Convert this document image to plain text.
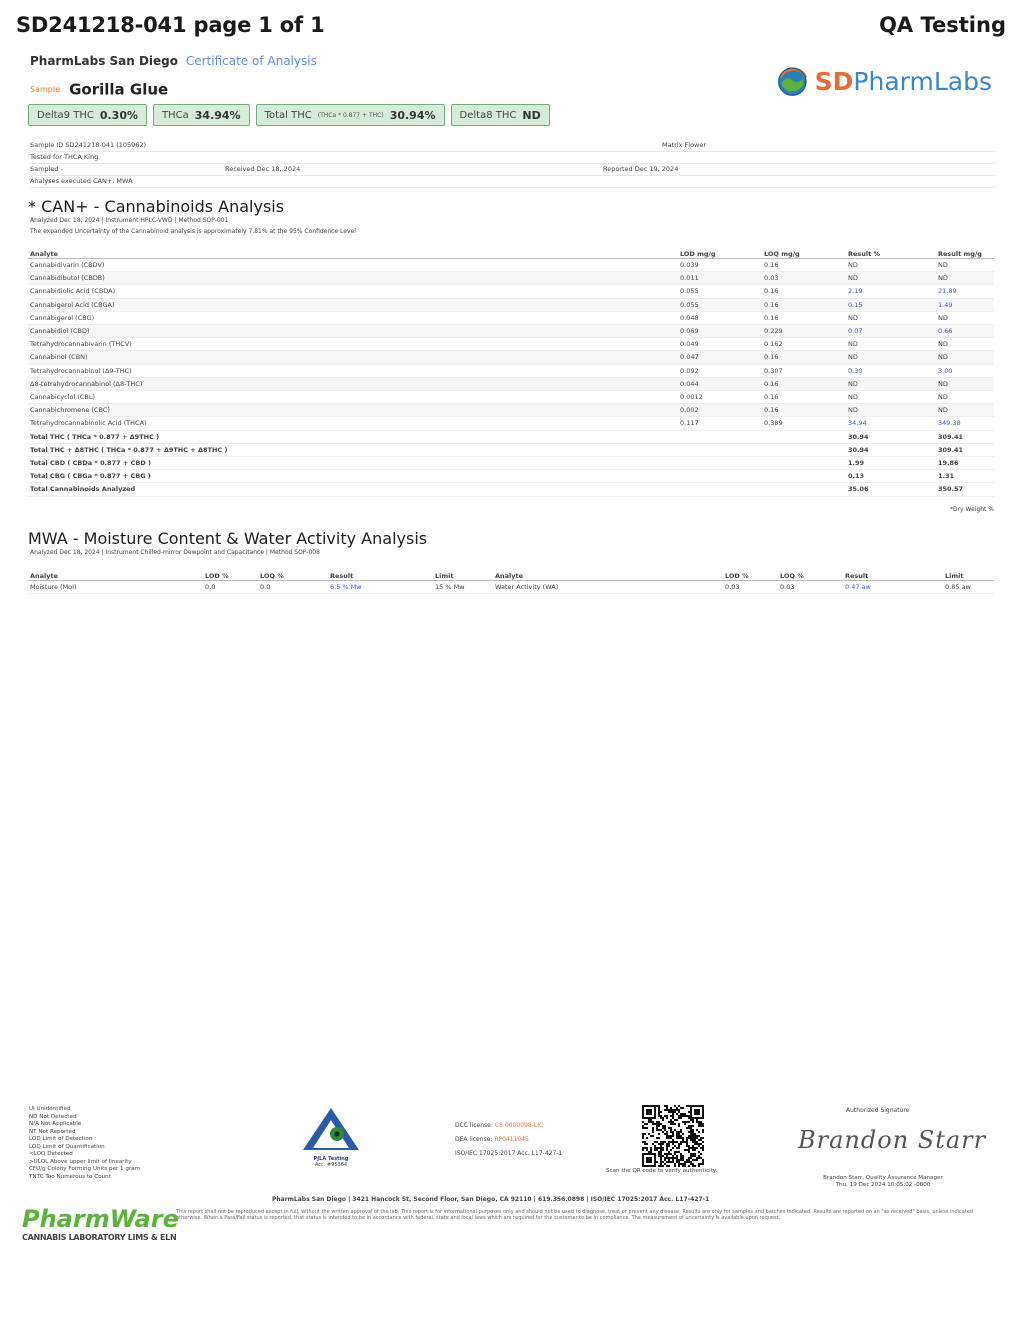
SD241218-041 page 1 of 1	QA Testing
PharmLabs San Diego Certificate of Analysis
Sample Gorilla Glue
Delta9 THC 0.30% THCa 34.94% Total THC (THCa * 0.877 + THC) 30.94% Delta8 THC ND
SDPharmLabs
Sample ID SD241218-041 (105962)	Matrix Flower
Tested for THCA King
Sampled -	Received Dec 18, 2024	Reported Dec 19, 2024
Analyses executed CAN+, MWA
* CAN+ - Cannabinoids Analysis
Analyzed Dec 18, 2024 | Instrument HPLC-VWD | Method SOP-001
The expanded Uncertainty of the Cannabinoid analysis is approximately 7.81% at the 95% Confidence Level
Analyte	LOD mg/g	LOQ mg/g	Result %	Result mg/g
Cannabidivarin (CBDV)	0.039	0.16	ND	ND
Cannabidibutol (CBDB)	0.011	0.03	ND	ND
Cannabidiolic Acid (CBDA)	0.055	0.16	2.19	21.89
Cannabigerol Acid (CBGA)	0.055	0.16	0.15	1.49
Cannabigerol (CBG)	0.048	0.16	ND	ND
Cannabidiol (CBD)	0.069	0.229	0.07	0.66
Tetrahydrocannabivarin (THCV)	0.049	0.162	ND	ND
Cannabinol (CBN)	0.047	0.16	ND	ND
Tetrahydrocannabinol (Δ9-THC)	0.092	0.307	0.30	3.00
Δ8-tetrahydrocannabinol (Δ8-THC)	0.044	0.16	ND	ND
Cannabicyclol (CBL)	0.0012	0.16	ND	ND
Cannabichromene (CBC)	0.002	0.16	ND	ND
Tetrahydrocannabinolic Acid (THCA)	0.117	0.389	34.94	349.38
Total THC ( THCa * 0.877 + Δ9THC )			30.94	309.41
Total THC + Δ8THC ( THCa * 0.877 + Δ9THC + Δ8THC )			30.94	309.41
Total CBD ( CBDa * 0.877 + CBD )			1.99	19.86
Total CBG ( CBGa * 0.877 + CBG )			0.13	1.31
Total Cannabinoids Analyzed			35.06	350.57
*Dry Weight %
MWA - Moisture Content & Water Activity Analysis
Analyzed Dec 18, 2024 | Instrument Chilled-mirror Dewpoint and Capacitance | Method SOP-008
Analyte	LOD %	LOQ %	Result	Limit	Analyte	LOD %	LOQ %	Result	Limit
Moisture (MoI)	0.0	0.0	6.5 % Mw	15 % Mw	Water Activity (WA)	0.03	0.03	0.47 aw	0.85 aw
UI Unidentified
ND Not Detected
N/A Not Applicable
NT Not Reported
LOD Limit of Detection
LOQ Limit of Quantification
<LOQ Detected
>ULOL Above upper limit of linearity
CFU/g Colony Forming Units per 1 gram
TNTC Too Numerous to Count
PJLA Testing
Acc. #95364
DCC license: C8-0000098-LIC
DEA license: RP0411045
ISO/IEC 17025:2017 Acc. L17-427-1
Scan the QR code to verify authenticity.
Authorized Signature
Brandon Starr
Brandon Starr, Quality Assurance Manager
Thu, 19 Dec 2024 10:05:02 -0800
PharmLabs San Diego | 3421 Hancock St, Second Floor, San Diego, CA 92110 | 619.356.0898 | ISO/IEC 17025:2017 Acc. L17-427-1
This report shall not be reproduced except in full, without the written approval of the lab. This report is for informational purposes only and should not be used to diagnose, treat or prevent any disease. Results are only for samples and batches indicated. Results are reported on an "as received" basis, unless indicated otherwise. When a Pass/Fail status is reported, that status is intended to be in accordance with federal, state and local laws which are required for the customer to be in compliance. The measurement of uncertainty is available upon request.
PharmWare
CANNABIS LABORATORY LIMS & ELN
